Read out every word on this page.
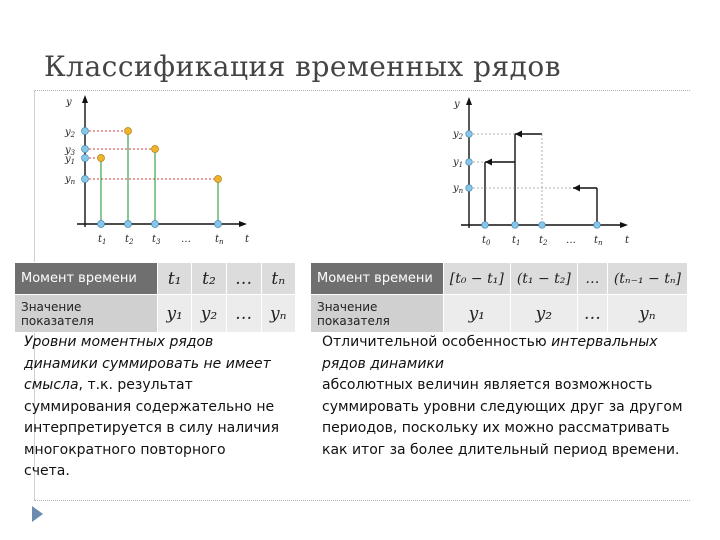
Классификация временных рядов
y
t
$y_2$
$y_3$
$y_1$
$y_n$
$t_1$ $t_2$ $t_3$ … $t_n$
y
t
$y_2$
$y_1$
$y_n$
$t_0$ $t_1$ $t_2$ … $t_n$
Момент времени	t₁	t₂	…	tₙ
Значение показателя	y₁	y₂	…	yₙ
Момент времени	[t₀ − t₁]	(t₁ − t₂]	…	(tₙ₋₁ − tₙ]
Значение показателя	y₁	y₂	…	yₙ
Уровни моментных рядов
динамики суммировать не имеет
смысла, т.к. результат
суммирования содержательно не
интерпретируется в силу наличия
многократного повторного
счета.
Отличительной особенностью интервальных
рядов динамики
абсолютных величин является возможность
суммировать уровни следующих друг за другом
периодов, поскольку их можно рассматривать
как итог за более длительный период времени.
